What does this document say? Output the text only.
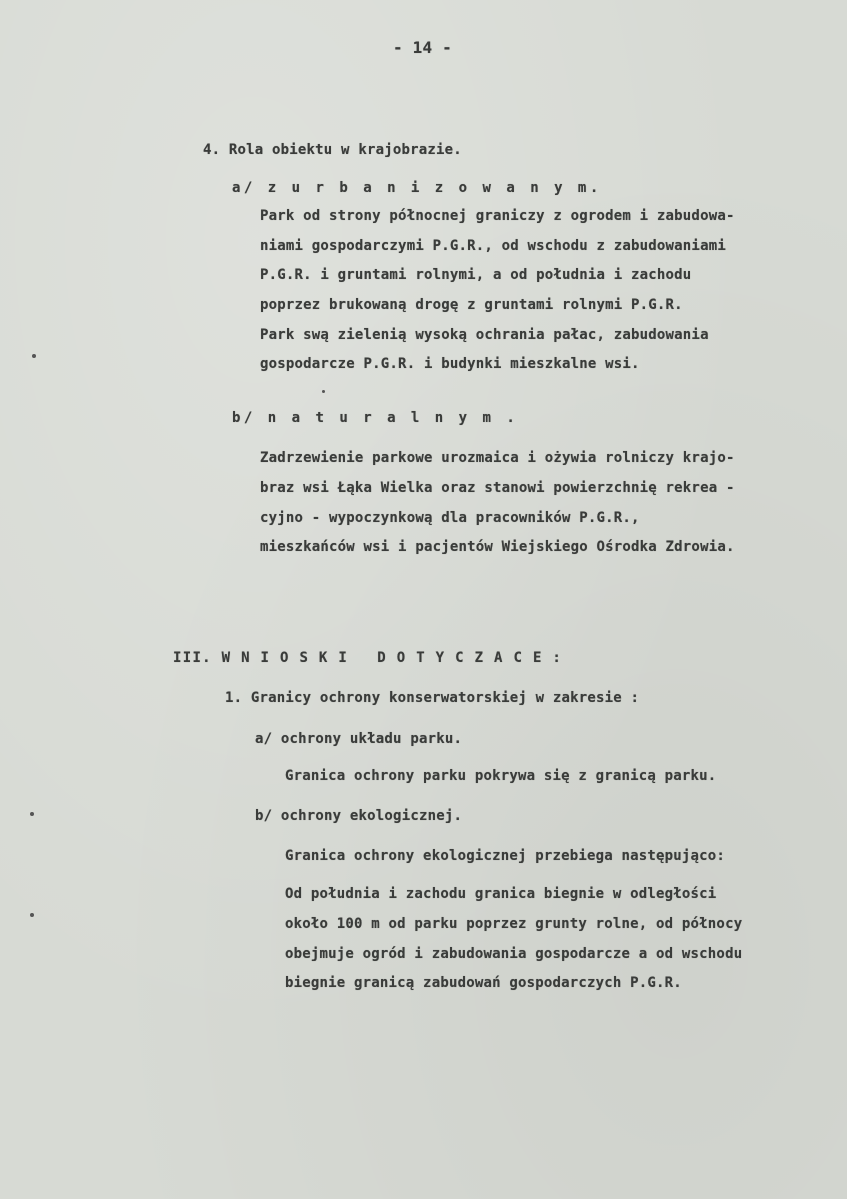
- 14 -

4. Rola obiektu w krajobrazie.

a/ z u r b a n i z o w a n y m.

Park od strony północnej graniczy z ogrodem i zabudowa-

niami gospodarczymi P.G.R., od wschodu z zabudowaniami

P.G.R. i gruntami rolnymi, a od południa i zachodu

poprzez brukowaną drogę z gruntami rolnymi P.G.R.

Park swą zielenią wysoką ochrania pałac, zabudowania

gospodarcze P.G.R. i budynki mieszkalne wsi.

b/ n a t u r a l n y m .

Zadrzewienie parkowe urozmaica i ożywia rolniczy krajo-

braz wsi Łąka Wielka oraz stanowi powierzchnię rekrea -

cyjno - wypoczynkową dla pracowników P.G.R.,

mieszkańców wsi i pacjentów Wiejskiego Ośrodka Zdrowia.

III. W N I O S K I   D O T Y C Z A C E :

1. Granicy ochrony konserwatorskiej w zakresie :

a/ ochrony układu parku.

Granica ochrony parku pokrywa się z granicą parku.

b/ ochrony ekologicznej.

Granica ochrony ekologicznej przebiega następująco:

Od południa i zachodu granica biegnie w odległości

około 100 m od parku poprzez grunty rolne, od północy

obejmuje ogród i zabudowania gospodarcze a od wschodu

biegnie granicą zabudowań gospodarczych P.G.R.
